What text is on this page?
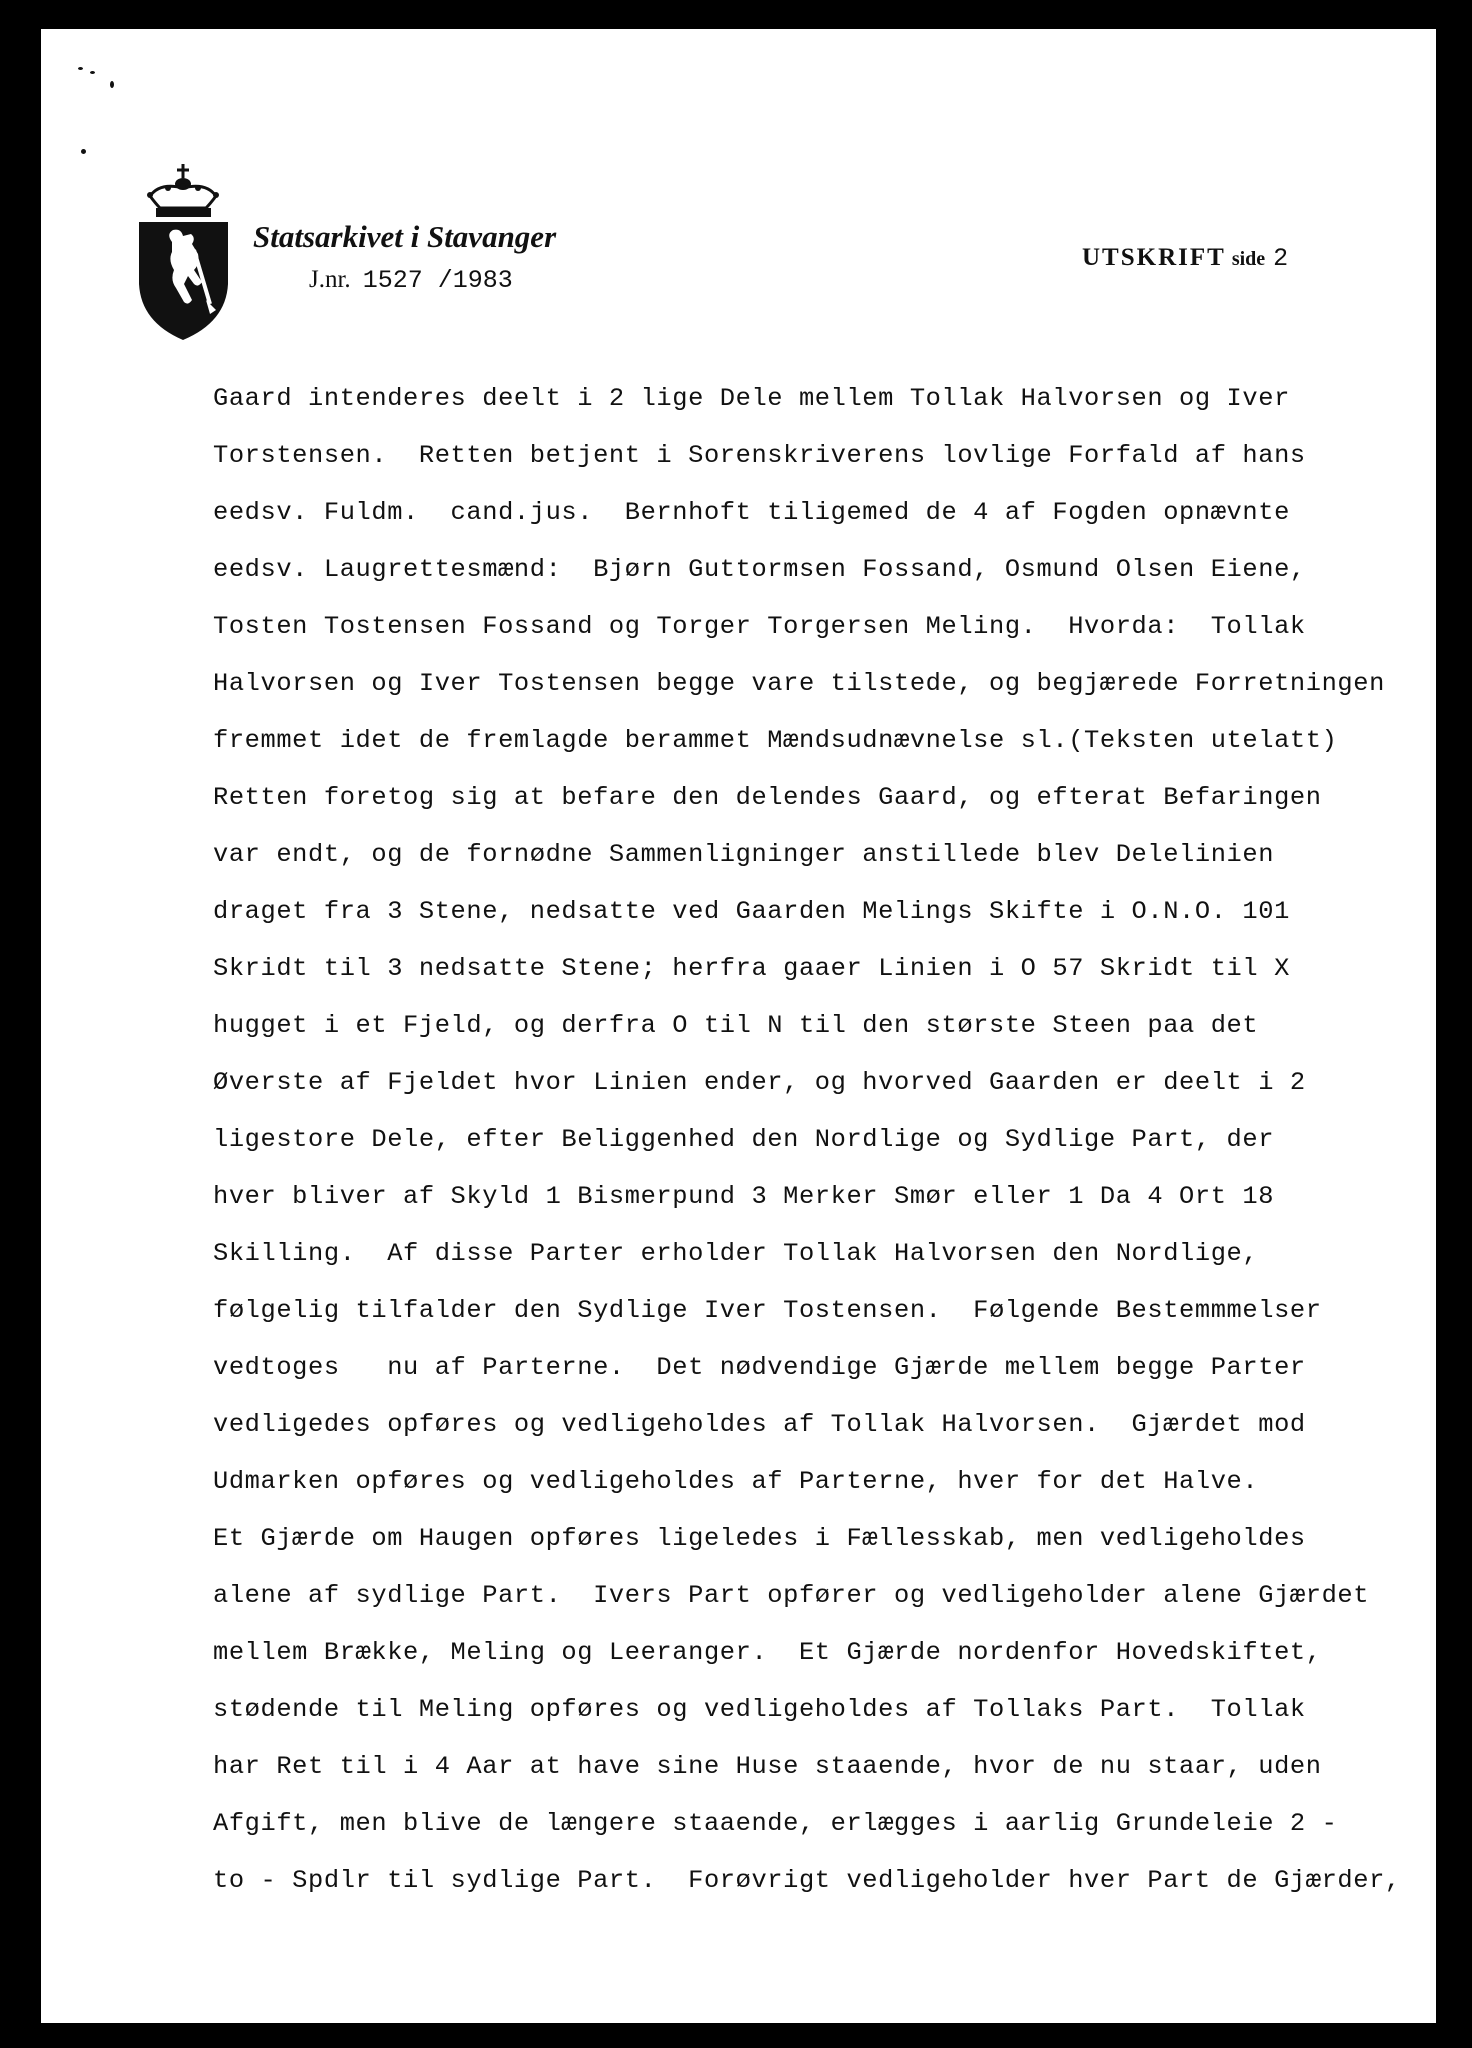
Statsarkivet i Stavanger
J.nr. 1527 /1983
UTSKRIFT side 2
Gaard intenderes deelt i 2 lige Dele mellem Tollak Halvorsen og Iver
Torstensen.  Retten betjent i Sorenskriverens lovlige Forfald af hans
eedsv. Fuldm.  cand.jus.  Bernhoft tiligemed de 4 af Fogden opnævnte
eedsv. Laugrettesmænd:  Bjørn Guttormsen Fossand, Osmund Olsen Eiene,
Tosten Tostensen Fossand og Torger Torgersen Meling.  Hvorda:  Tollak
Halvorsen og Iver Tostensen begge vare tilstede, og begjærede Forretningen
fremmet idet de fremlagde berammet Mændsudnævnelse sl.(Teksten utelatt)
Retten foretog sig at befare den delendes Gaard, og efterat Befaringen
var endt, og de fornødne Sammenligninger anstillede blev Delelinien
draget fra 3 Stene, nedsatte ved Gaarden Melings Skifte i O.N.O. 101
Skridt til 3 nedsatte Stene; herfra gaaer Linien i O 57 Skridt til X
hugget i et Fjeld, og derfra O til N til den største Steen paa det
Øverste af Fjeldet hvor Linien ender, og hvorved Gaarden er deelt i 2
ligestore Dele, efter Beliggenhed den Nordlige og Sydlige Part, der
hver bliver af Skyld 1 Bismerpund 3 Merker Smør eller 1 Da 4 Ort 18
Skilling.  Af disse Parter erholder Tollak Halvorsen den Nordlige,
følgelig tilfalder den Sydlige Iver Tostensen.  Følgende Bestemmmelser
vedtoges   nu af Parterne.  Det nødvendige Gjærde mellem begge Parter
vedligedes opføres og vedligeholdes af Tollak Halvorsen.  Gjærdet mod
Udmarken opføres og vedligeholdes af Parterne, hver for det Halve.
Et Gjærde om Haugen opføres ligeledes i Fællesskab, men vedligeholdes
alene af sydlige Part.  Ivers Part opfører og vedligeholder alene Gjærdet
mellem Brække, Meling og Leeranger.  Et Gjærde nordenfor Hovedskiftet,
stødende til Meling opføres og vedligeholdes af Tollaks Part.  Tollak
har Ret til i 4 Aar at have sine Huse staaende, hvor de nu staar, uden
Afgift, men blive de længere staaende, erlægges i aarlig Grundeleie 2 -
to - Spdlr til sydlige Part.  Forøvrigt vedligeholder hver Part de Gjærder,
